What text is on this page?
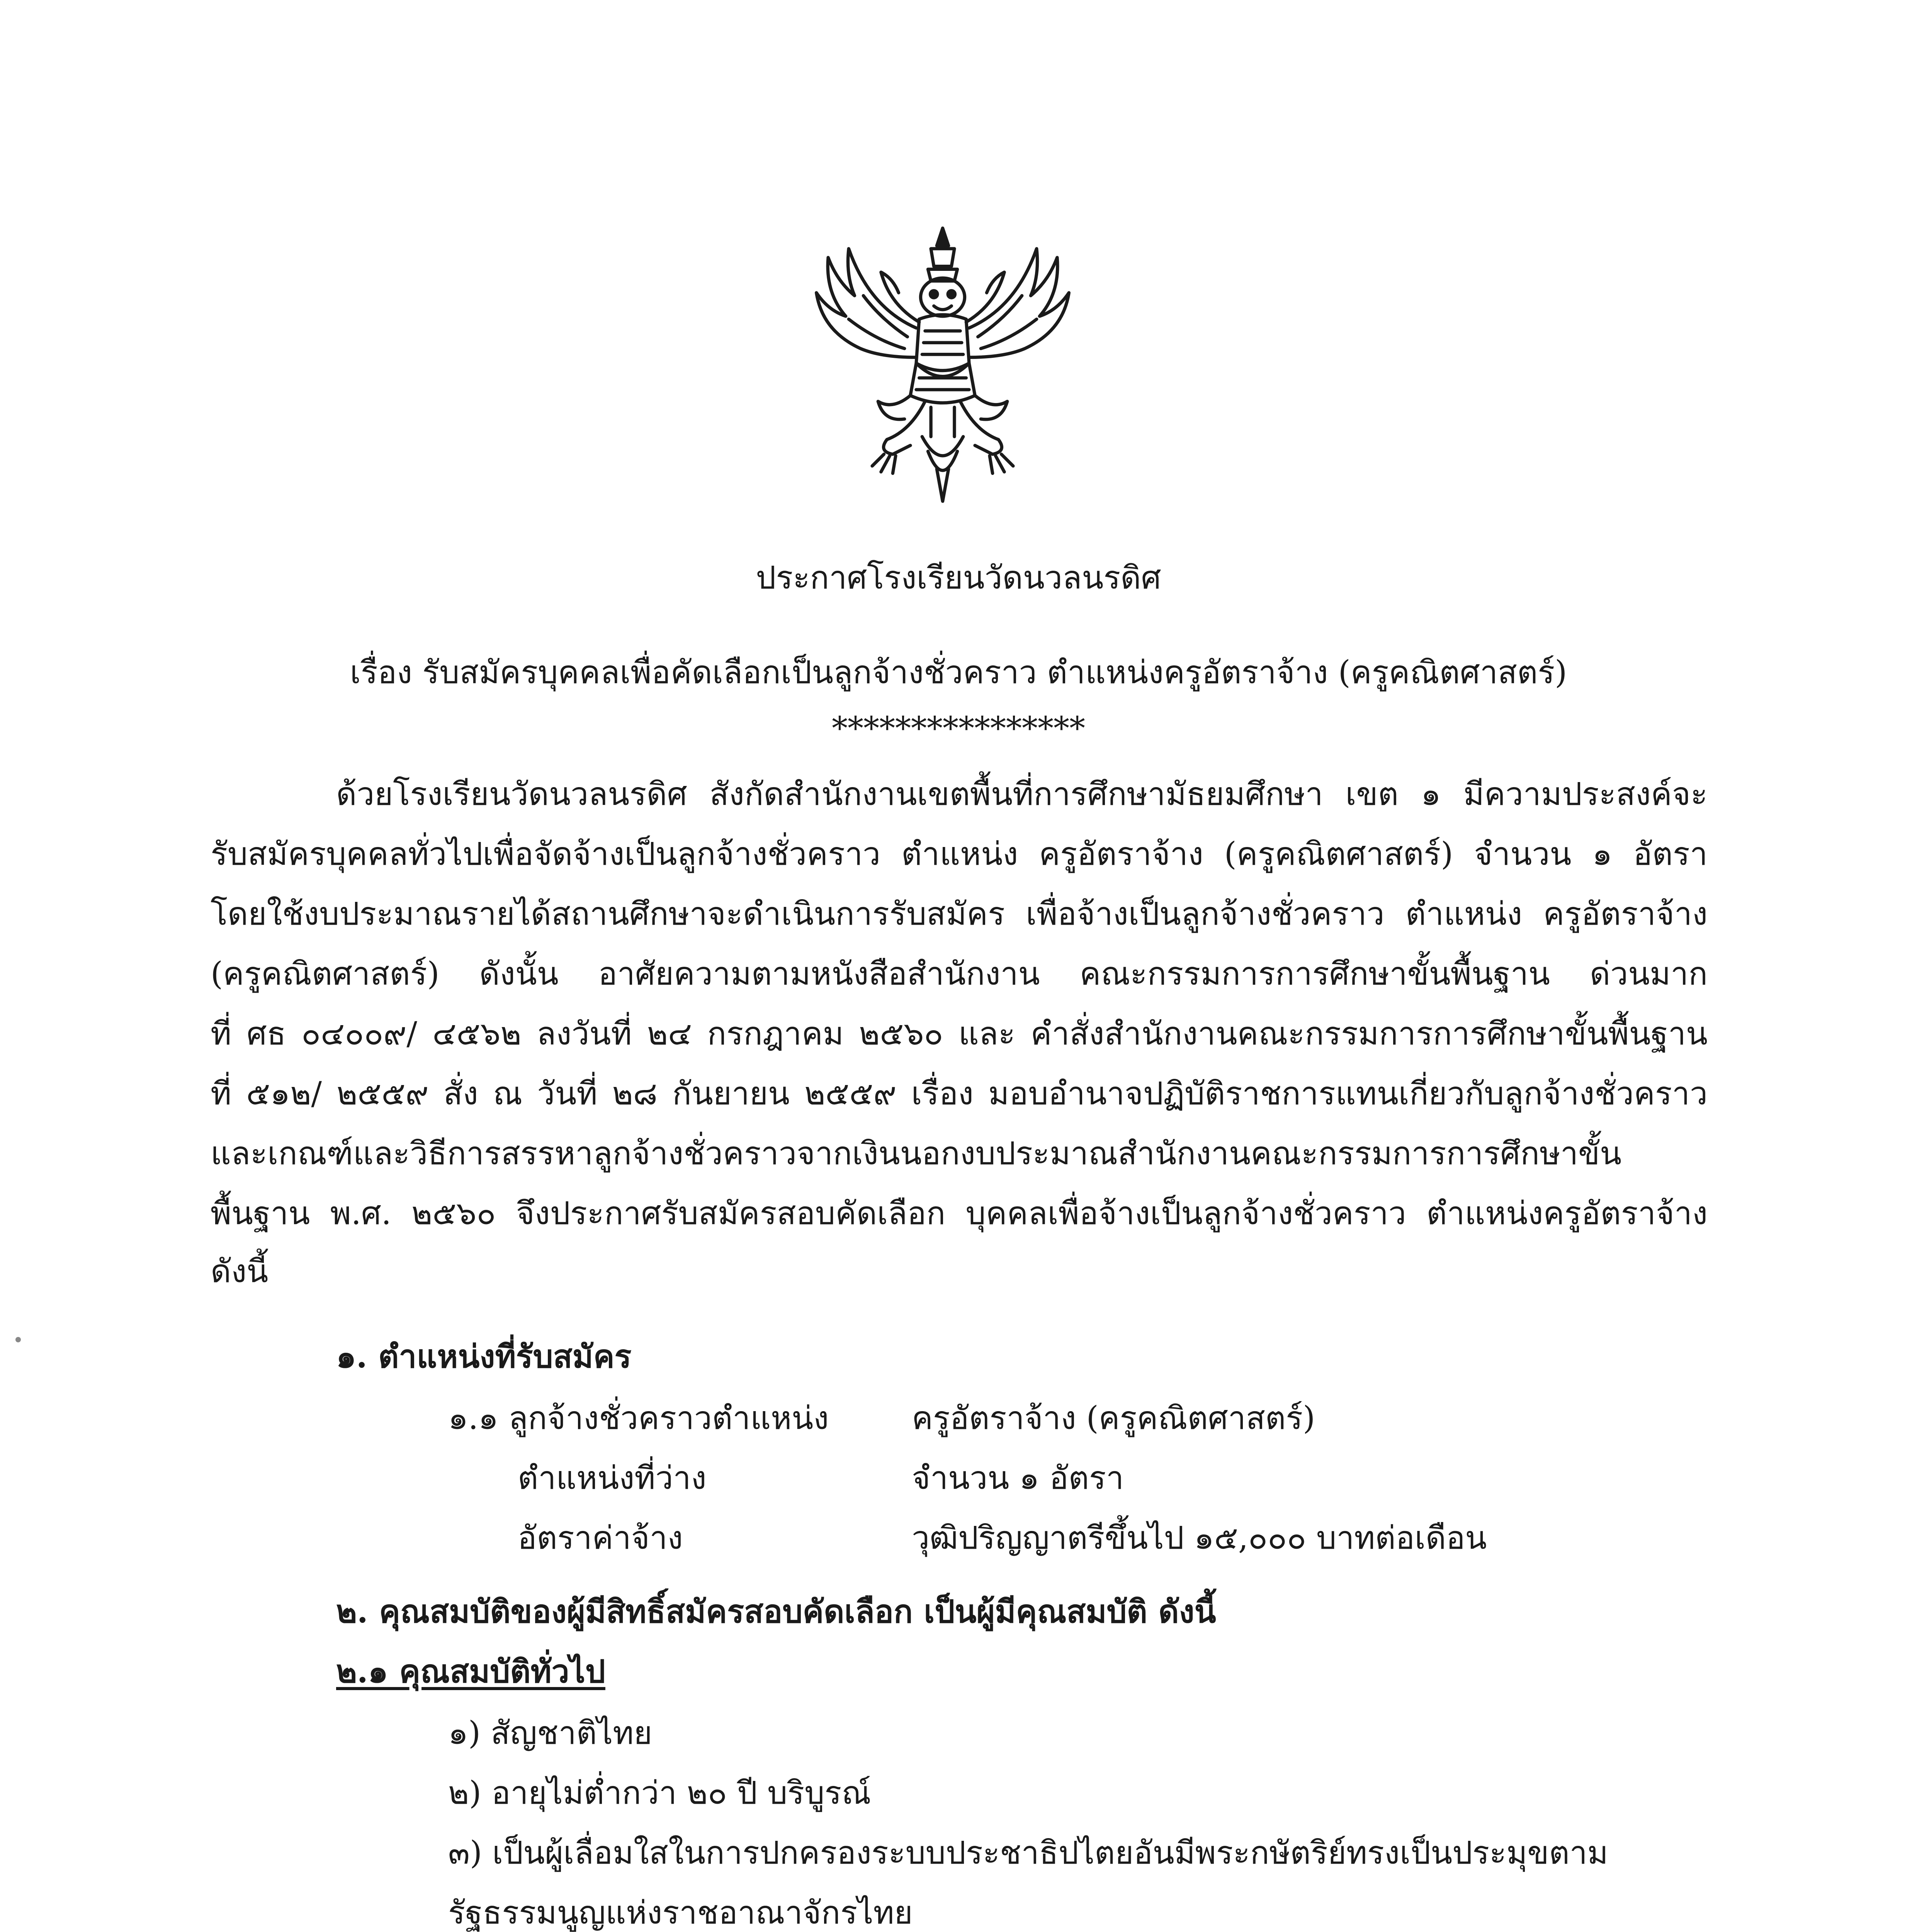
ประกาศโรงเรียนวัดนวลนรดิศ
เรื่อง รับสมัครบุคคลเพื่อคัดเลือกเป็นลูกจ้างชั่วคราว ตำแหน่งครูอัตราจ้าง (ครูคณิตศาสตร์)
****************
ด้วยโรงเรียนวัดนวลนรดิศ สังกัดสำนักงานเขตพื้นที่การศึกษามัธยมศึกษา เขต ๑ มีความประสงค์จะ
รับสมัครบุคคลทั่วไปเพื่อจัดจ้างเป็นลูกจ้างชั่วคราว ตำแหน่ง ครูอัตราจ้าง (ครูคณิตศาสตร์) จำนวน ๑ อัตรา
โดยใช้งบประมาณรายได้สถานศึกษาจะดำเนินการรับสมัคร เพื่อจ้างเป็นลูกจ้างชั่วคราว ตำแหน่ง ครูอัตราจ้าง
(ครูคณิตศาสตร์) ดังนั้น อาศัยความตามหนังสือสำนักงาน คณะกรรมการการศึกษาขั้นพื้นฐาน ด่วนมาก
ที่ ศธ ๐๔๐๐๙/ ๔๕๖๒ ลงวันที่ ๒๔ กรกฎาคม ๒๕๖๐ และ คำสั่งสำนักงานคณะกรรมการการศึกษาขั้นพื้นฐาน
ที่ ๕๑๒/ ๒๕๕๙ สั่ง ณ วันที่ ๒๘ กันยายน ๒๕๕๙ เรื่อง มอบอำนาจปฏิบัติราชการแทนเกี่ยวกับลูกจ้างชั่วคราว
และเกณฑ์และวิธีการสรรหาลูกจ้างชั่วคราวจากเงินนอกงบประมาณสำนักงานคณะกรรมการการศึกษาขั้น
พื้นฐาน พ.ศ. ๒๕๖๐ จึงประกาศรับสมัครสอบคัดเลือก บุคคลเพื่อจ้างเป็นลูกจ้างชั่วคราว ตำแหน่งครูอัตราจ้าง
ดังนี้
๑. ตำแหน่งที่รับสมัคร
๑.๑ ลูกจ้างชั่วคราวตำแหน่ง	ครูอัตราจ้าง (ครูคณิตศาสตร์)
ตำแหน่งที่ว่าง	จำนวน ๑ อัตรา
อัตราค่าจ้าง	วุฒิปริญญาตรีขึ้นไป ๑๕,๐๐๐ บาทต่อเดือน
๒. คุณสมบัติของผู้มีสิทธิ์สมัครสอบคัดเลือก เป็นผู้มีคุณสมบัติ ดังนี้
๒.๑ คุณสมบัติทั่วไป
๑) สัญชาติไทย
๒) อายุไม่ต่ำกว่า ๒๐ ปี บริบูรณ์
๓) เป็นผู้เลื่อมใสในการปกครองระบบประชาธิปไตยอันมีพระกษัตริย์ทรงเป็นประมุขตาม
รัฐธรรมนูญแห่งราชอาณาจักรไทย
